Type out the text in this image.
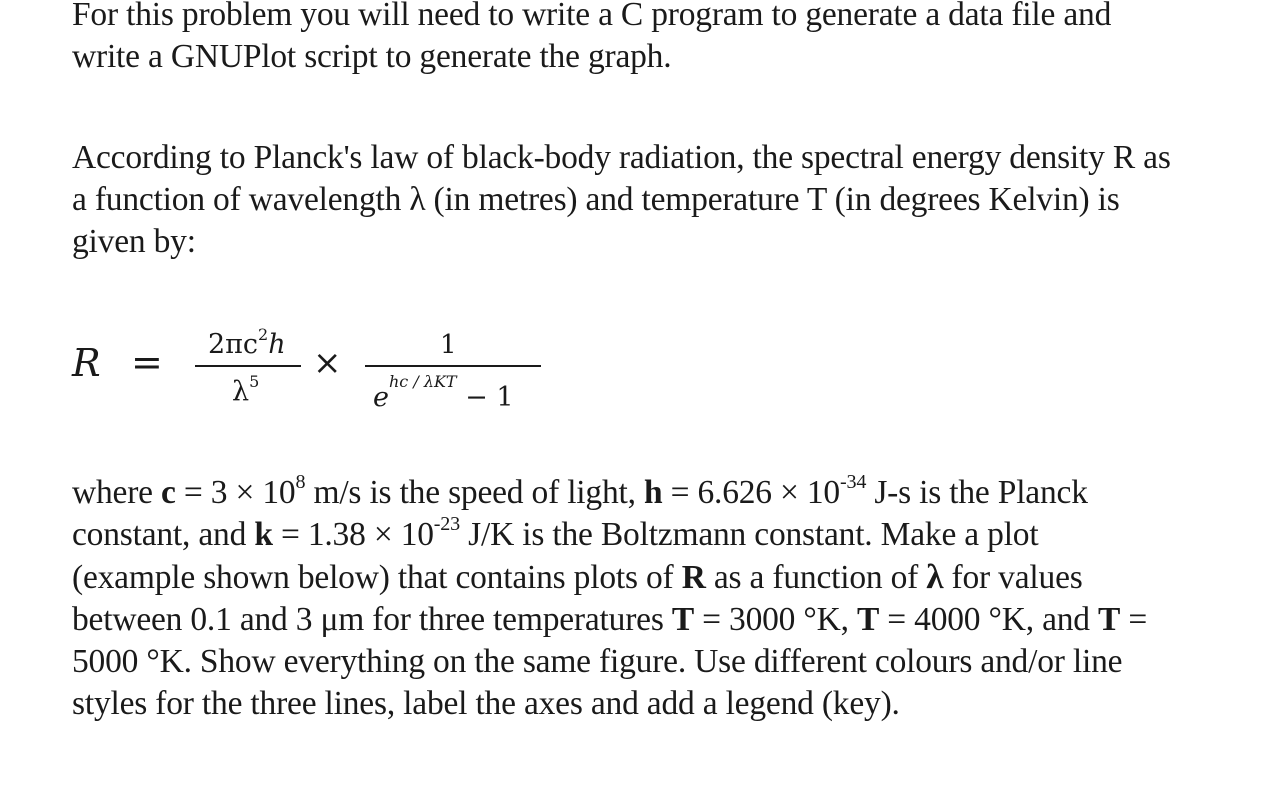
For this problem you will need to write a C program to generate a data file and
write a GNUPlot script to generate the graph.

According to Planck's law of black-body radiation, the spectral energy density R as
a function of wavelength λ (in metres) and temperature T (in degrees Kelvin) is
given by:

$R = 2\pi c^2h$
$\lambda^5$ ×	1
$e^{hc / \lambda KT} - 1$

where $c = 3 \times 10^8$ m/s is the speed of light, $h = 6.626 \times 10^{-34}$ J-s is the Planck
constant, and $k = 1.38 \times 10^{-23}$ J/K is the Boltzmann constant. Make a plot
(example shown below) that contains plots of R as a function of λ for values
between 0.1 and 3 μm for three temperatures T = 3000 °K, T = 4000 °K, and T =
5000 °K. Show everything on the same figure. Use different colours and/or line
styles for the three lines, label the axes and add a legend (key).
